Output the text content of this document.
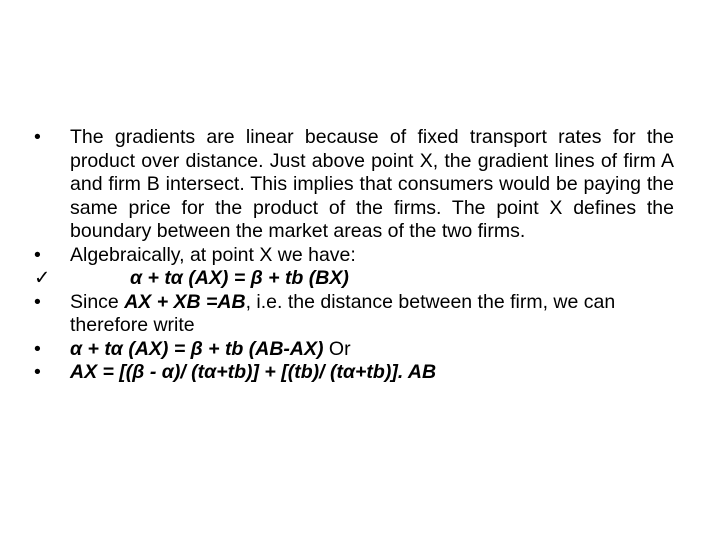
•	The gradients are linear because of fixed transport rates for the product over distance. Just above point X, the gradient lines of firm A and firm B intersect. This implies that consumers would be paying the same price for the product of the firms. The point X defines the boundary between the market areas of the two firms.
•	Algebraically, at point X we have:
✓	α + tα (AX) = β + tb (BX)
•	Since AX + XB =AB, i.e. the distance between the firm, we can therefore write
•	α + tα (AX) = β + tb (AB-AX) Or
•	AX = [(β - α)/ (tα+tb)] + [(tb)/ (tα+tb)]. AB
